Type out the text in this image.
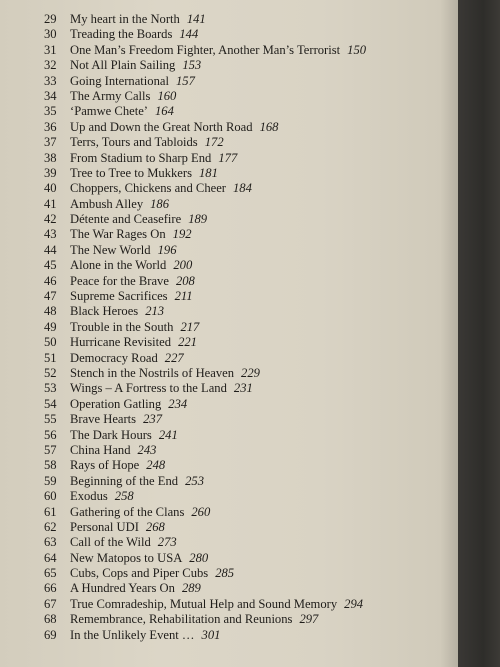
29	My heart in the North 141
30	Treading the Boards 144
31	One Man’s Freedom Fighter, Another Man’s Terrorist 150
32	Not All Plain Sailing 153
33	Going International 157
34	The Army Calls 160
35	‘Pamwe Chete’ 164
36	Up and Down the Great North Road 168
37	Terrs, Tours and Tabloids 172
38	From Stadium to Sharp End 177
39	Tree to Tree to Mukkers 181
40	Choppers, Chickens and Cheer 184
41	Ambush Alley 186
42	Détente and Ceasefire 189
43	The War Rages On 192
44	The New World 196
45	Alone in the World 200
46	Peace for the Brave 208
47	Supreme Sacrifices 211
48	Black Heroes 213
49	Trouble in the South 217
50	Hurricane Revisited 221
51	Democracy Road 227
52	Stench in the Nostrils of Heaven 229
53	Wings – A Fortress to the Land 231
54	Operation Gatling 234
55	Brave Hearts 237
56	The Dark Hours 241
57	China Hand 243
58	Rays of Hope 248
59	Beginning of the End 253
60	Exodus 258
61	Gathering of the Clans 260
62	Personal UDI 268
63	Call of the Wild 273
64	New Matopos to USA 280
65	Cubs, Cops and Piper Cubs 285
66	A Hundred Years On 289
67	True Comradeship, Mutual Help and Sound Memory 294
68	Remembrance, Rehabilitation and Reunions 297
69	In the Unlikely Event … 301
